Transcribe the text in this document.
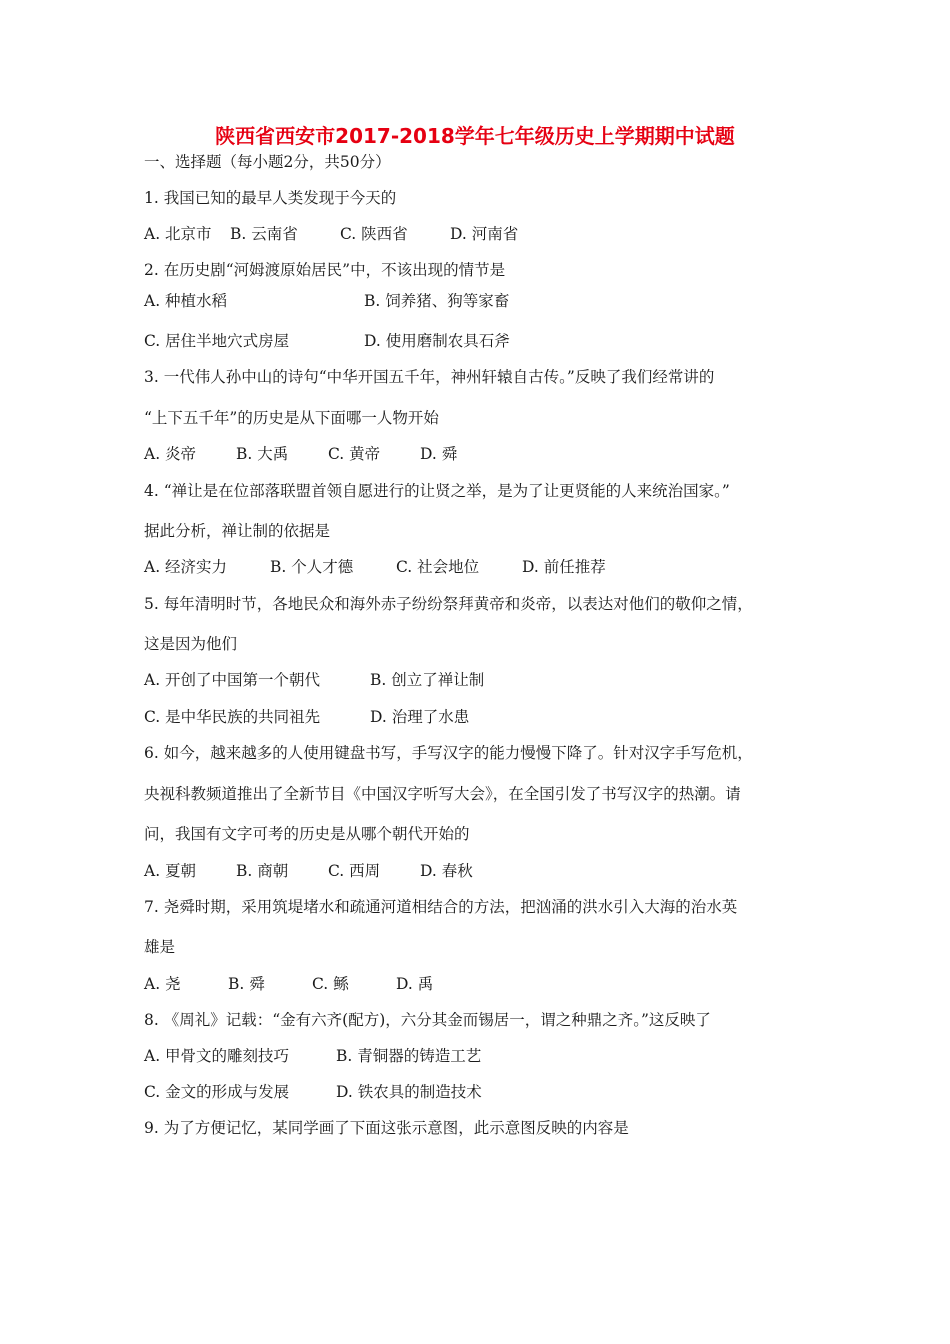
陕西省西安市2017-2018学年七年级历史上学期期中试题

一、选择题（每小题2分，共50分）

1. 我国已知的最早人类发现于今天的

A. 北京市 B. 云南省	C. 陕西省	D. 河南省

2. 在历史剧“河姆渡原始居民”中，不该出现的情节是

A. 种植水稻	B. 饲养猪、狗等家畜

C. 居住半地穴式房屋	D. 使用磨制农具石斧

3. 一代伟人孙中山的诗句“中华开国五千年，神州轩辕自古传。”反映了我们经常讲的

“上下五千年”的历史是从下面哪一人物开始

A. 炎帝	B. 大禹	C. 黄帝	D. 舜

4. “禅让是在位部落联盟首领自愿进行的让贤之举，是为了让更贤能的人来统治国家。”

据此分析，禅让制的依据是

A. 经济实力	B. 个人才德	C. 社会地位	D. 前任推荐

5. 每年清明时节，各地民众和海外赤子纷纷祭拜黄帝和炎帝，以表达对他们的敬仰之情，

这是因为他们

A. 开创了中国第一个朝代	B. 创立了禅让制

C. 是中华民族的共同祖先	D. 治理了水患

6. 如今，越来越多的人使用键盘书写，手写汉字的能力慢慢下降了。针对汉字手写危机，

央视科教频道推出了全新节目《中国汉字听写大会》，在全国引发了书写汉字的热潮。请

问，我国有文字可考的历史是从哪个朝代开始的

A. 夏朝	B. 商朝	C. 西周	D. 春秋

7. 尧舜时期，采用筑堤堵水和疏通河道相结合的方法，把汹涌的洪水引入大海的治水英

雄是

A. 尧	B. 舜	C. 鲧	D. 禹

8. 《周礼》记载：“金有六齐(配方)，六分其金而锡居一，谓之种鼎之齐。”这反映了

A. 甲骨文的雕刻技巧	B. 青铜器的铸造工艺

C. 金文的形成与发展	D. 铁农具的制造技术

9. 为了方便记忆，某同学画了下面这张示意图，此示意图反映的内容是
